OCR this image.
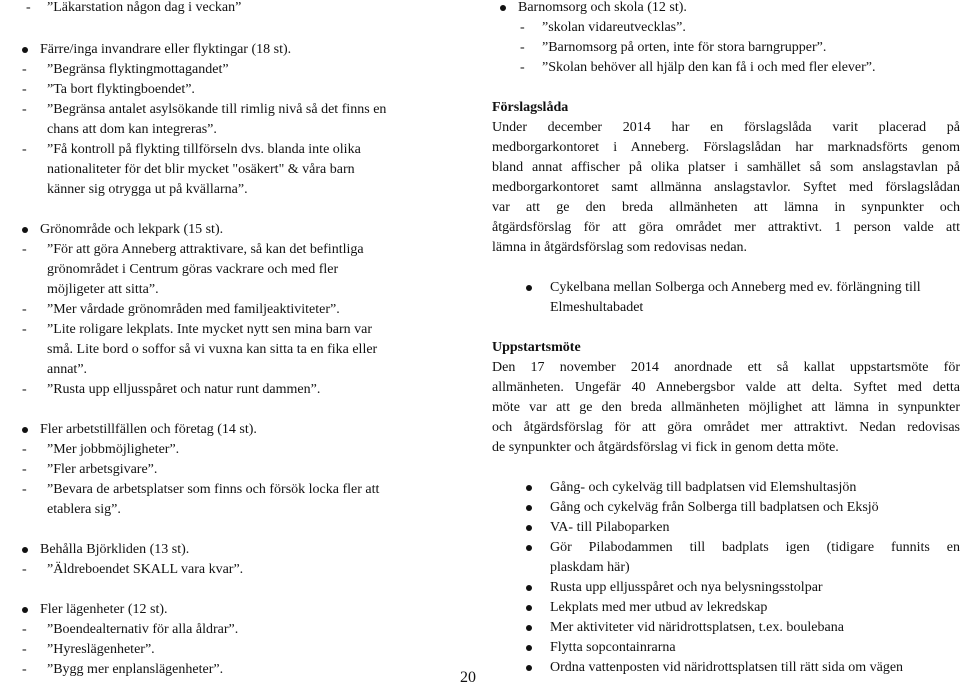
- ”Läkarstation någon dag i veckan”
Färre/inga invandrare eller flyktingar (18 st).
- ”Begränsa flyktingmottagandet”
- ”Ta bort flyktingboendet”.
- ”Begränsa antalet asylsökande till rimlig nivå så det finns en
chans att dom kan integreras”.
- ”Få kontroll på flykting tillförseln dvs. blanda inte olika
nationaliteter för det blir mycket "osäkert" & våra barn
känner sig otrygga ut på kvällarna”.
Grönområde och lekpark (15 st).
- ”För att göra Anneberg attraktivare, så kan det befintliga
grönområdet i Centrum göras vackrare och med fler
möjligeter att sitta”.
- ”Mer vårdade grönområden med familjeaktiviteter”.
- ”Lite roligare lekplats. Inte mycket nytt sen mina barn var
små. Lite bord o soffor så vi vuxna kan sitta ta en fika eller
annat”.
- ”Rusta upp elljusspåret och natur runt dammen”.
Fler arbetstillfällen och företag (14 st).
- ”Mer jobbmöjligheter”.
- ”Fler arbetsgivare”.
- ”Bevara de arbetsplatser som finns och försök locka fler att
etablera sig”.
Behålla Björkliden (13 st).
- ”Äldreboendet SKALL vara kvar”.
Fler lägenheter (12 st).
- ”Boendealternativ för alla åldrar”.
- ”Hyreslägenheter”.
- ”Bygg mer enplanslägenheter”.
Barnomsorg och skola (12 st).
- ”skolan vidareutvecklas”.
- ”Barnomsorg på orten, inte för stora barngrupper”.
- ”Skolan behöver all hjälp den kan få i och med fler elever”.
Förslagslåda
Under december 2014 har en förslagslåda varit placerad på
medborgarkontoret i Anneberg. Förslagslådan har marknadsförts genom
bland annat affischer på olika platser i samhället så som anslagstavlan på
medborgarkontoret samt allmänna anslagstavlor. Syftet med förslagslådan
var att ge den breda allmänheten att lämna in synpunkter och
åtgärdsförslag för att göra området mer attraktivt. 1 person valde att
lämna in åtgärdsförslag som redovisas nedan.
Cykelbana mellan Solberga och Anneberg med ev. förlängning till
Elmeshultabadet
Uppstartsmöte
Den 17 november 2014 anordnade ett så kallat uppstartsmöte för
allmänheten. Ungefär 40 Annebergsbor valde att delta. Syftet med detta
möte var att ge den breda allmänheten möjlighet att lämna in synpunkter
och åtgärdsförslag för att göra området mer attraktivt. Nedan redovisas
de synpunkter och åtgärdsförslag vi fick in genom detta möte.
Gång- och cykelväg till badplatsen vid Elemshultasjön
Gång och cykelväg från Solberga till badplatsen och Eksjö
VA- till Pilaboparken
Gör Pilabodammen till badplats igen (tidigare funnits en
plaskdam här)
Rusta upp elljusspåret och nya belysningsstolpar
Lekplats med mer utbud av lekredskap
Mer aktiviteter vid näridrottsplatsen, t.ex. boulebana
Flytta sopcontainrarna
Ordna vattenposten vid näridrottsplatsen till rätt sida om vägen
20
